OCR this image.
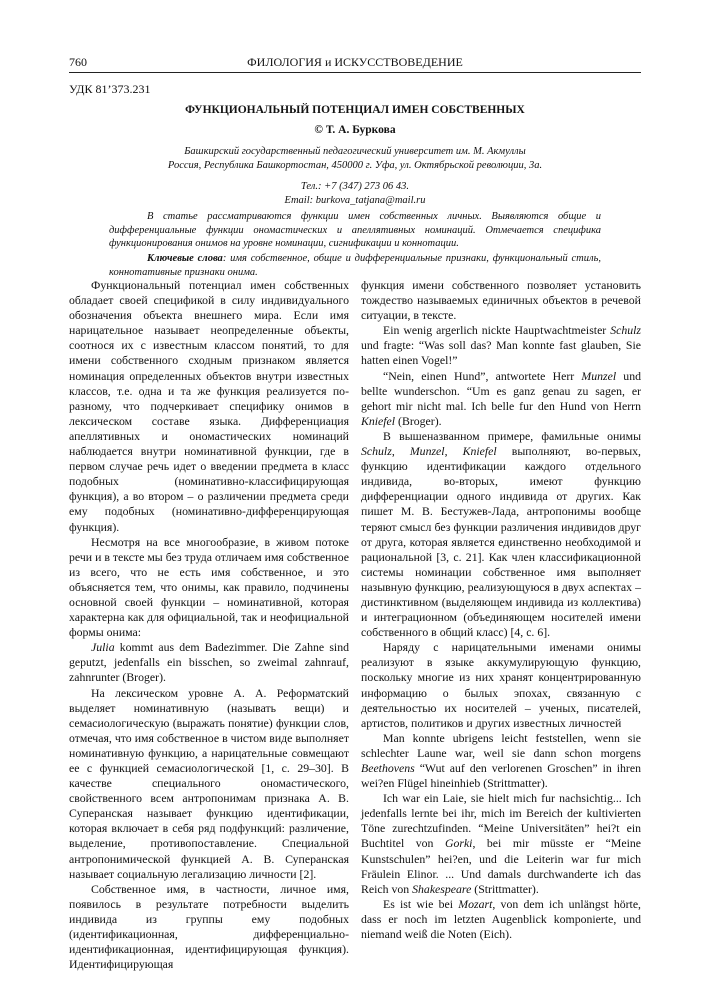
760	ФИЛОЛОГИЯ и ИСКУССТВОВЕДЕНИЕ
УДК 81’373.231
ФУНКЦИОНАЛЬНЫЙ ПОТЕНЦИАЛ ИМЕН СОБСТВЕННЫХ
© Т. А. Буркова
Башкирский государственный педагогический университет им. М. Акмуллы
Россия, Республика Башкортостан, 450000 г. Уфа, ул. Октябрьской революции, 3а.
Тел.: +7 (347) 273 06 43.
Email: burkova_tatjana@mail.ru

В статье рассматриваются функции имен собственных личных. Выявляются общие и дифференциальные функции ономастических и апеллятивных номинаций. Отмечается специфика функционирования онимов на уровне номинации, сигнификации и коннотации.

Ключевые слова: имя собственное, общие и дифференциальные признаки, функциональный стиль, коннотативные признаки онима.

Функциональный потенциал имен собственных обладает своей спецификой в силу индивидуального обозначения объекта внешнего мира. Если имя нарицательное называет неопределенные объекты, соотнося их с известным классом понятий, то для имени собственного сходным признаком является номинация определенных объектов внутри известных классов, т.е. одна и та же функция реализуется по-разному, что подчеркивает специфику онимов в лексическом составе языка. Дифференциация апеллятивных и ономастических номинаций наблюдается внутри номинативной функции, где в первом случае речь идет о введении предмета в класс подобных (номинативно-классифицирующая функция), а во втором – о различении предмета среди ему подобных (номинативно-дифференцирующая функция).

Несмотря на все многообразие, в живом потоке речи и в тексте мы без труда отличаем имя собственное из всего, что не есть имя собственное, и это объясняется тем, что онимы, как правило, подчинены основной своей функции – номинативной, которая характерна как для официальной, так и неофициальной формы онима:

Julia kommt aus dem Badezimmer. Die Zahne sind geputzt, jedenfalls ein bisschen, so zweimal zahnrauf, zahnrunter (Broger).

На лексическом уровне А. А. Реформатский выделяет номинативную (называть вещи) и семасиологическую (выражать понятие) функции слов, отмечая, что имя собственное в чистом виде выполняет номинативную функцию, а нарицательные совмещают ее с функцией семасиологической [1, с. 29–30]. В качестве специального ономастического, свойственного всем антропонимам признака А. В. Суперанская называет функцию идентификации, которая включает в себя ряд подфункций: различение, выделение, противопоставление. Специальной антропонимической функцией А. В. Суперанская называет социальную легализацию личности [2].

Собственное имя, в частности, личное имя, появилось в результате потребности выделить индивида из группы ему подобных (идентификационная, дифференциально-идентификационная, идентифицирующая функция). Идентифицирующая

функция имени собственного позволяет установить тождество называемых единичных объектов в речевой ситуации, в тексте.

Ein wenig argerlich nickte Hauptwachtmeister Schulz und fragte: “Was soll das? Man konnte fast glauben, Sie hatten einen Vogel!”

“Nein, einen Hund”, antwortete Herr Munzel und bellte wunderschon. “Um es ganz genau zu sagen, er gehort mir nicht mal. Ich belle fur den Hund von Herrn Kniefel (Broger).

В вышеназванном примере, фамильные онимы Schulz, Munzel, Kniefel выполняют, во-первых, функцию идентификации каждого отдельного индивида, во-вторых, имеют функцию дифференциации одного индивида от других. Как пишет М. В. Бестужев-Лада, антропонимы вообще теряют смысл без функции различения индивидов друг от друга, которая является единственно необходимой и рациональной [3, с. 21]. Как член классификационной системы номинации собственное имя выполняет назывную функцию, реализующуюся в двух аспектах – дистинктивном (выделяющем индивида из коллектива) и интеграционном (объединяющем носителей имени собственного в общий класс) [4, с. 6].

Наряду с нарицательными именами онимы реализуют в языке аккумулирующую функцию, поскольку многие из них хранят концентрированную информацию о былых эпохах, связанную с деятельностью их носителей – ученых, писателей, артистов, политиков и других известных личностей

Man konnte ubrigens leicht feststellen, wenn sie schlechter Laune war, weil sie dann schon morgens Beethovens “Wut auf den verlorenen Groschen” in ihren wei?en Flügel hineinhieb (Strittmatter).

Ich war ein Laie, sie hielt mich fur nachsichtig... Ich jedenfalls lernte bei ihr, mich im Bereich der kultivierten Töne zurechtzufinden. “Meine Universitäten” hei?t ein Buchtitel von Gorki, bei mir müsste er “Meine Kunstschulen” hei?en, und die Leiterin war fur mich Fräulein Elinor. ... Und damals durchwanderte ich das Reich von Shakespeare (Strittmatter).

Es ist wie bei Mozart, von dem ich unlängst hörte, dass er noch im letzten Augenblick komponierte, und niemand weiß die Noten (Eich).
